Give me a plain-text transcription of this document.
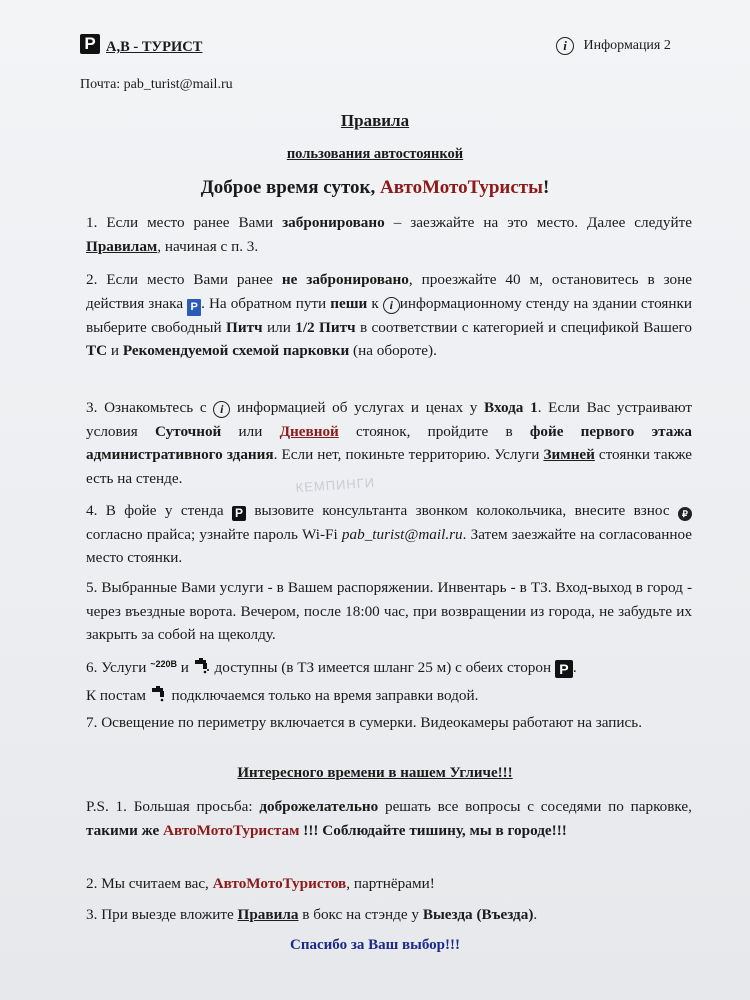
P А,В - ТУРИСТ	i Информация 2
Почта: pab_turist@mail.ru
Правила
пользования автостоянкой
Доброе время суток, АвтоМотоТуристы!
1. Если место ранее Вами забронировано – заезжайте на это место. Далее следуйте Правилам, начиная с п. 3.
2. Если место Вами ранее не забронировано, проезжайте 40 м, остановитесь в зоне действия знака P . На обратном пути пеши к i информационному стенду на здании стоянки выберите свободный Питч или 1/2 Питч в соответствии с категорией и спецификой Вашего ТС и Рекомендуемой схемой парковки (на обороте).
3. Ознакомьтесь с i информацией об услугах и ценах у Входа 1. Если Вас устраивают условия Суточной или Дневной стоянок, пройдите в фойе первого этажа административного здания. Если нет, покиньте территорию. Услуги Зимней стоянки также есть на стенде.	КЕМПИНГИ
4. В фойе у стенда P вызовите консультанта звонком колокольчика, внесите взнос ₽ согласно прайса; узнайте пароль Wi-Fi pab_turist@mail.ru. Затем заезжайте на согласованное место стоянки.
5. Выбранные Вами услуги - в Вашем распоряжении. Инвентарь - в ТЗ. Вход-выход в город - через въездные ворота. Вечером, после 18:00 час, при возвращении из города, не забудьте их закрыть за собой на щеколду.
6. Услуги ~220В и  доступны (в ТЗ имеется шланг 25 м) с обеих сторон P .
К постам  подключаемся только на время заправки водой.
7. Освещение по периметру включается в сумерки. Видеокамеры работают на запись.
Интересного времени в нашем Угличе!!!
P.S. 1. Большая просьба: доброжелательно решать все вопросы с соседями по парковке, такими же АвтоМотоТуристам !!! Соблюдайте тишину, мы в городе!!!
2. Мы считаем вас, АвтоМотоТуристов, партнёрами!
3. При выезде вложите Правила в бокс на стэнде у Выезда (Въезда).
Спасибо за Ваш выбор!!!
